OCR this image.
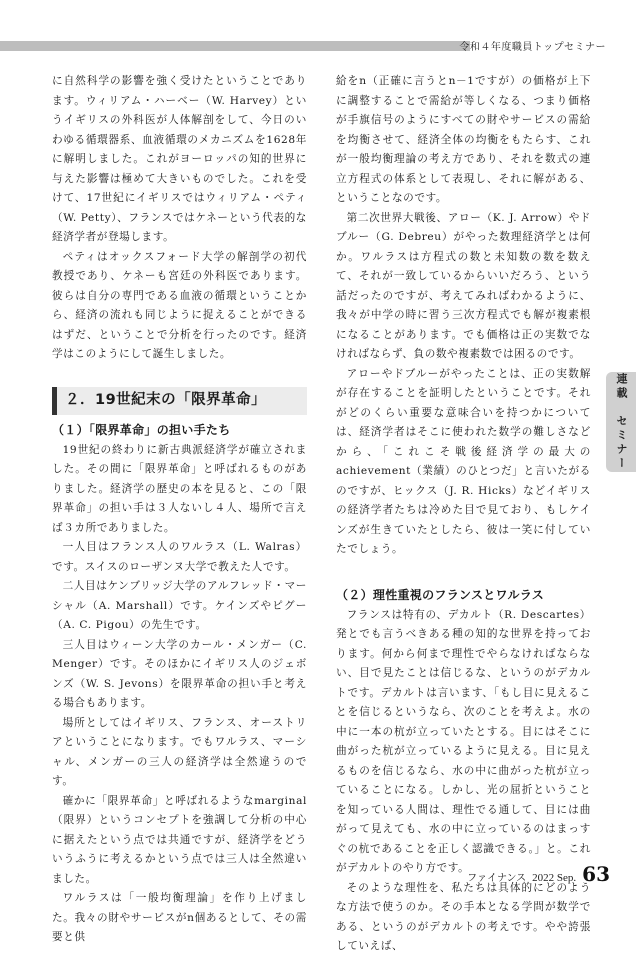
令和４年度職員トップセミナー

に自然科学の影響を強く受けたということであります。ウィリアム・ハーベー（W. Harvey）というイギリスの外科医が人体解剖をして、今日のいわゆる循環器系、血液循環のメカニズムを1628年に解明しました。これがヨーロッパの知的世界に与えた影響は極めて大きいものでした。これを受けて、17世紀にイギリスではウィリアム・ペティ（W. Petty）、フランスではケネーという代表的な経済学者が登場します。

ペティはオックスフォード大学の解剖学の初代教授であり、ケネーも宮廷の外科医であります。彼らは自分の専門である血液の循環ということから、経済の流れも同じように捉えることができるはずだ、ということで分析を行ったのです。経済学はこのようにして誕生しました。

２．19世紀末の「限界革命」
（１）「限界革命」の担い手たち

19世紀の終わりに新古典派経済学が確立されました。その間に「限界革命」と呼ばれるものがありました。経済学の歴史の本を見ると、この「限界革命」の担い手は３人ないし４人、場所で言えば３カ所でありました。

一人目はフランス人のワルラス（L. Walras）です。スイスのローザンヌ大学で教えた人です。

二人目はケンブリッジ大学のアルフレッド・マーシャル（A. Marshall）です。ケインズやピグー（A. C. Pigou）の先生です。

三人目はウィーン大学のカール・メンガー（C. Menger）です。そのほかにイギリス人のジェボンズ（W. S. Jevons）を限界革命の担い手と考える場合もあります。

場所としてはイギリス、フランス、オーストリアということになります。でもワルラス、マーシャル、メンガーの三人の経済学は全然違うのです。

確かに「限界革命」と呼ばれるようなmarginal（限界）というコンセプトを強調して分析の中心に据えたという点では共通ですが、経済学をどういうふうに考えるかという点では三人は全然違いました。

ワルラスは「一般均衡理論」を作り上げました。我々の財やサービスがn個あるとして、その需要と供

給をn（正確に言うとn－1ですが）の価格が上下に調整することで需給が等しくなる、つまり価格が手旗信号のようにすべての財やサービスの需給を均衡させて、経済全体の均衡をもたらす、これが一般均衡理論の考え方であり、それを数式の連立方程式の体系として表現し、それに解がある、ということなのです。

第二次世界大戦後、アロー（K. J. Arrow）やドブルー（G. Debreu）がやった数理経済学とは何か。ワルラスは方程式の数と未知数の数を数えて、それが一致しているからいいだろう、という話だったのですが、考えてみればわかるように、我々が中学の時に習う三次方程式でも解が複素根になることがあります。でも価格は正の実数でなければならず、負の数や複素数では困るのです。

アローやドブルーがやったことは、正の実数解が存在することを証明したということです。それがどのくらい重要な意味合いを持つかについては、経済学者はそこに使われた数学の難しさなどから、「これこそ戦後経済学の最大のachievement（業績）のひとつだ」と言いたがるのですが、ヒックス（J. R. Hicks）などイギリスの経済学者たちは冷めた目で見ており、もしケインズが生きていたとしたら、彼は一笑に付していたでしょう。

（２）理性重視のフランスとワルラス

フランスは特有の、デカルト（R. Descartes）発とでも言うべきある種の知的な世界を持っております。何から何まで理性でやらなければならない、目で見たことは信じるな、というのがデカルトです。デカルトは言います、「もし目に見えることを信じるというなら、次のことを考えよ。水の中に一本の杭が立っていたとする。目にはそこに曲がった杭が立っているように見える。目に見えるものを信じるなら、水の中に曲がった杭が立っていることになる。しかし、光の屈折ということを知っている人間は、理性でる通して、目には曲がって見えても、水の中に立っているのはまっすぐの杭であることを正しく認識できる。」と。これがデカルトのやり方です。

そのような理性を、私たちは具体的にどのような方法で使うのか。その手本となる学問が数学である、というのがデカルトの考えです。やや誇張していえば、

連載　セミナー
ファイナンス 2022 Sep. 63
